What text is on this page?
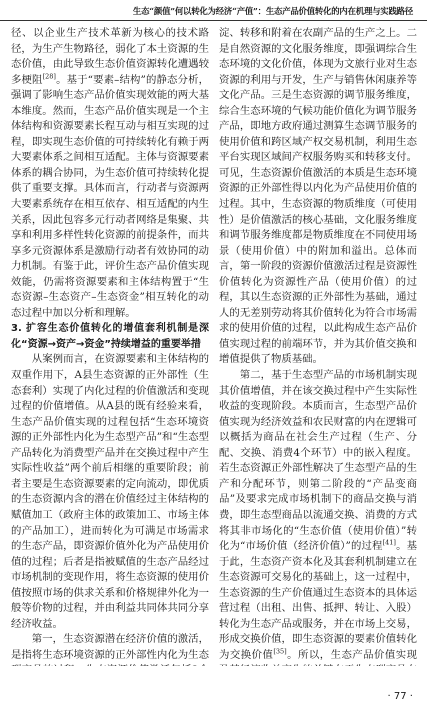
生态“颜值”何以转化为经济“产值”：生态产品价值转化的内在机理与实践路径

径、以企业生产技术革新为核心的技术路径，为生产生物路径，弱化了本土资源的生态价值，由此导致生态价值资源转化遭遇较多梗阻[28]。基于“要素–结构”的静态分析，强调了影响生态产品价值实现效能的两大基本维度。然而，生态产品价值实现是一个主体结构和资源要素长程互动与相互实现的过程，即实现生态价值的可持续转化有赖于两大要素体系之间相互适配。主体与资源要素体系的耦合协同，为生态价值可持续转化提供了重要支撑。具体而言，行动者与资源两大要素系统存在相互依存、相互适配的内生关系，因此包容多元行动者网络是集聚、共享和利用多样性转化资源的前提条件，而共享多元资源体系是激励行动者有效协同的动力机制。有鉴于此，评价生态产品价值实现效能，仍需将资源要素和主体结构置于“生态资源–生态资产–生态资金”相互转化的动态过程中加以分析和理解。

3. 扩容生态价值转化的增值套利机制是深化“资源→资产→资金”持续增益的重要举措

从案例而言，在资源要素和主体结构的双重作用下，A县生态资源的正外部性（生态套利）实现了内化过程的价值激活和变现过程的价值增值。从A县的既有经验来看，生态产品价值实现的过程包括“生态环境资源的正外部性内化为生态型产品”和“生态型产品转化为消费型产品并在交换过程中产生实际性收益”两个前后相继的重要阶段；前者主要是生态资源要素的定向流动，即优质的生态资源内含的潜在价值经过主体结构的赋值加工（政府主体的政策加工、市场主体的产品加工），进而转化为可满足市场需求的生态产品，即资源价值外化为产品使用价值的过程；后者是指被赋值的生态产品经过市场机制的变现作用，将生态资源的使用价值按照市场的供求关系和价格规律外化为一般等价物的过程，并由利益共同体共同分享经济收益。

第一，生态资源潜在经济价值的激活，是指将生态环境资源的正外部性内化为生态

淀、转移和附着在农副产品的生产之上。二是自然资源的文化服务维度，即强调综合生态环境的文化价值，体现为文旅行业对生态资源的利用与开发，生产与销售休闲康养等文化产品。三是生态资源的调节服务维度，综合生态环境的气候功能价值化为调节服务产品，即地方政府通过测算生态调节服务的使用价值和跨区域产权交易机制，利用生态平台实现区域间产权服务购买和转移支付。可见，生态资源价值激活的本质是生态环境资源的正外部性得以内化为产品使用价值的过程。其中，生态资源的物质维度（可使用性）是价值激活的核心基础，文化服务维度和调节服务维度都是物质维度在不同使用场景（使用价值）中的附加和溢出。总体而言，第一阶段的资源价值激活过程是资源性价值转化为资源性产品（使用价值）的过程，其以生态资源的正外部性为基础，通过人的无差别劳动将其价值转化为符合市场需求的使用价值的过程，以此构成生态产品价值实现过程的前端环节，并为其价值交换和增值提供了物质基础。

第二，基于生态型产品的市场机制实现其价值增值，并在该交换过程中产生实际性收益的变现阶段。本质而言，生态型产品价值实现为经济效益和农民财富的内在逻辑可以概括为商品在社会生产过程（生产、分配、交换、消费4个环节）中的嵌入程度。若生态资源正外部性解决了生态型产品的生产和分配环节，则第二阶段的“产品变商品”及要求完成市场机制下的商品交换与消费，即生态型商品以流通交换、消费的方式将其非市场化的“生态价值（使用价值）”转化为“市场价值（经济价值）”的过程[41]。基于此，生态资产资本化及其套利机制建立在生态资源可交易化的基础上，这一过程中，生态资源的生产价值通过生态资本的具体运营过程（出租、出售、抵押、转让、入股）转化为生态产品或服务，并在市场上交易，形成交换价值，即生态资源的要素价值转化为交换价值[35]。所以，生态产品价值实现

· 77 ·
